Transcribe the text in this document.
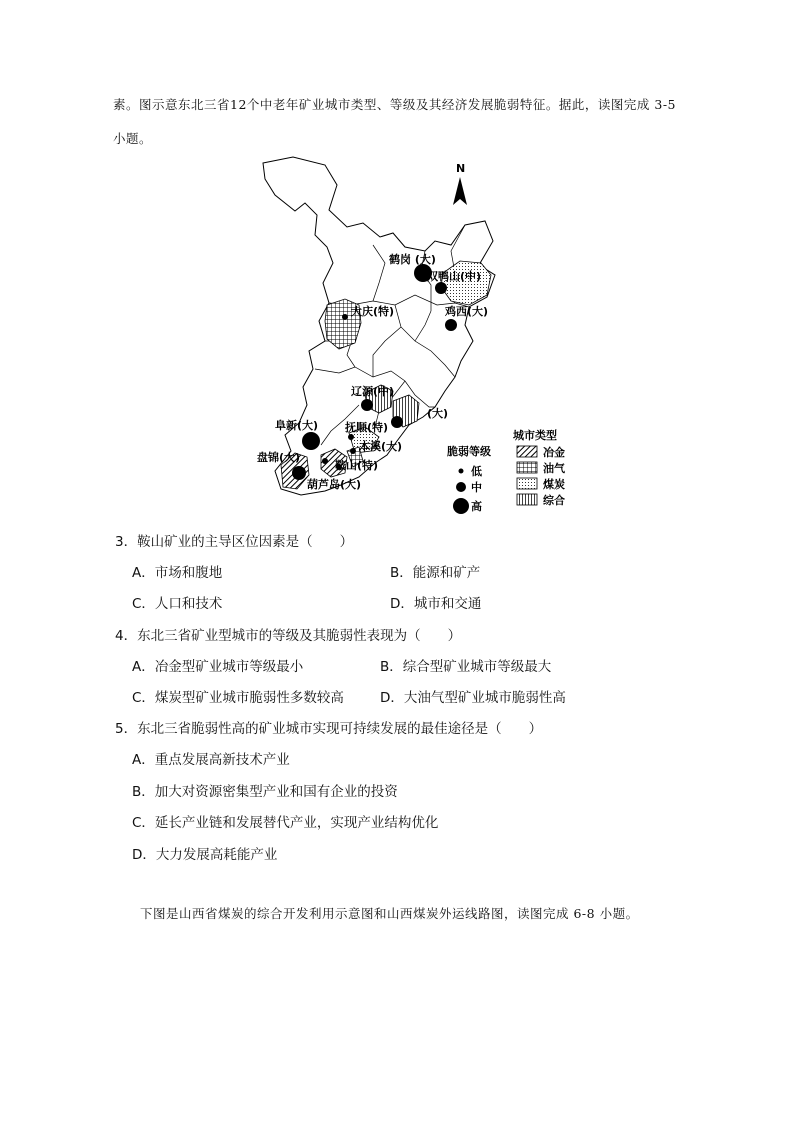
素。图示意东北三省12个中老年矿业城市类型、等级及其经济发展脆弱特征。据此，读图完成 3-5 小题。
N
鹤岗 (大)
双鸭山(中)
大庆(特)	鸡西(大)
辽源(中)
(大)
阜新(大) 抚顺(特)
本溪(大)
盘锦(大)
鞍山(特)
葫芦岛(大)
脆弱等级
低
中
高
城市类型
冶金
油气
煤炭
综合
3．鞍山矿业的主导区位因素是（　　）
A．市场和腹地	B．能源和矿产
C．人口和技术	D．城市和交通
4．东北三省矿业型城市的等级及其脆弱性表现为（　　）
A．冶金型矿业城市等级最小	B．综合型矿业城市等级最大
C．煤炭型矿业城市脆弱性多数较高	D．大油气型矿业城市脆弱性高
5．东北三省脆弱性高的矿业城市实现可持续发展的最佳途径是（　　）
A．重点发展高新技术产业
B．加大对资源密集型产业和国有企业的投资
C．延长产业链和发展替代产业，实现产业结构优化
D．大力发展高耗能产业
下图是山西省煤炭的综合开发利用示意图和山西煤炭外运线路图，读图完成 6-8 小题。
